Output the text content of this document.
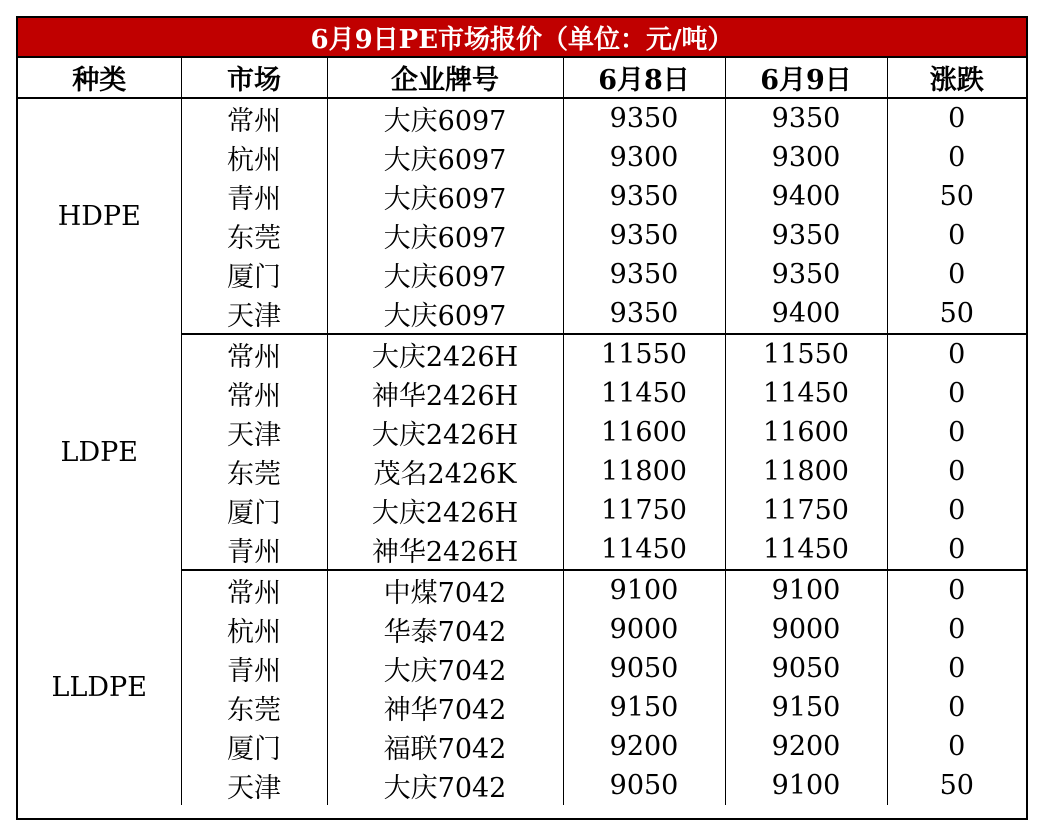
6月9日PE市场报价（单位：元/吨）					
种类	市场	企业牌号	6月8日	6月9日	涨跌
HDPE	常州	大庆6097	9350	9350	0
	杭州	大庆6097	9300	9300	0
	青州	大庆6097	9350	9400	50
	东莞	大庆6097	9350	9350	0
	厦门	大庆6097	9350	9350	0
	天津	大庆6097	9350	9400	50
LDPE	常州	大庆2426H	11550	11550	0
	常州	神华2426H	11450	11450	0
	天津	大庆2426H	11600	11600	0
	东莞	茂名2426K	11800	11800	0
	厦门	大庆2426H	11750	11750	0
	青州	神华2426H	11450	11450	0
LLDPE	常州	中煤7042	9100	9100	0
	杭州	华泰7042	9000	9000	0
	青州	大庆7042	9050	9050	0
	东莞	神华7042	9150	9150	0
	厦门	福联7042	9200	9200	0
	天津	大庆7042	9050	9100	50
